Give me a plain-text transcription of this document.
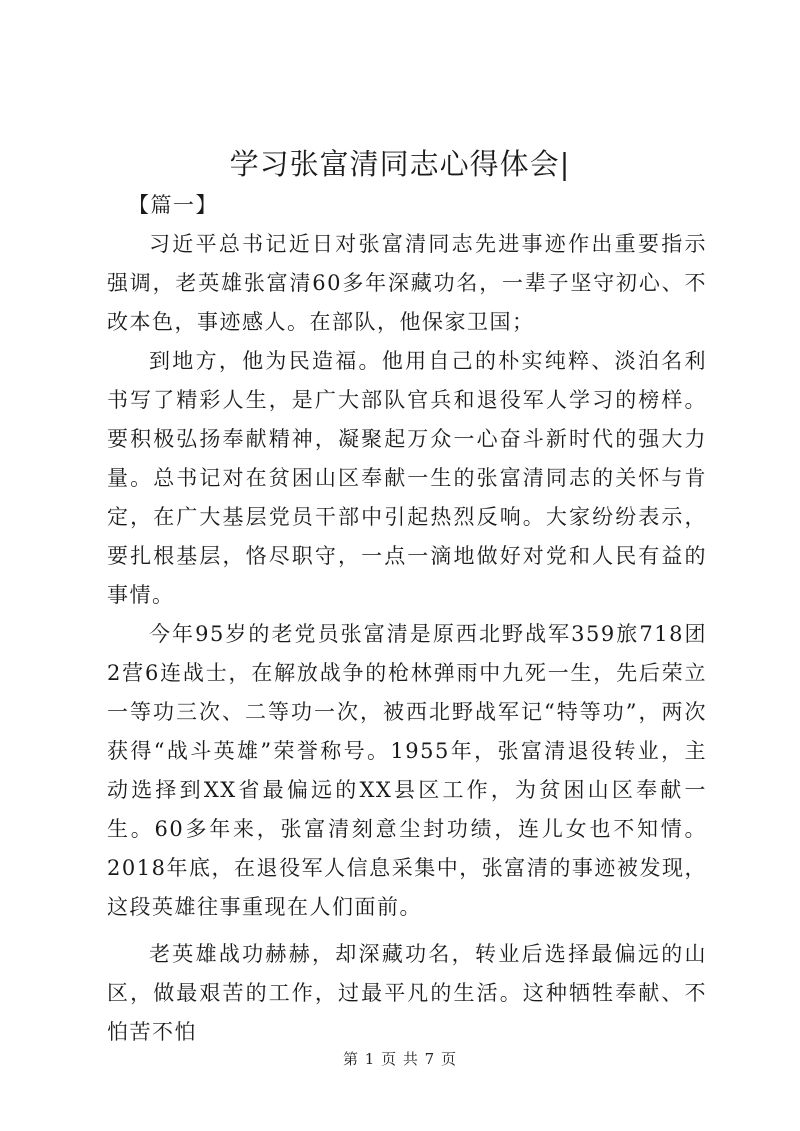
学习张富清同志心得体会|

【篇一】

习近平总书记近日对张富清同志先进事迹作出重要指示强调，老英雄张富清60多年深藏功名，一辈子坚守初心、不改本色，事迹感人。在部队，他保家卫国；

到地方，他为民造福。他用自己的朴实纯粹、淡泊名利书写了精彩人生，是广大部队官兵和退役军人学习的榜样。要积极弘扬奉献精神，凝聚起万众一心奋斗新时代的强大力量。总书记对在贫困山区奉献一生的张富清同志的关怀与肯定，在广大基层党员干部中引起热烈反响。大家纷纷表示，要扎根基层，恪尽职守，一点一滴地做好对党和人民有益的事情。

今年95岁的老党员张富清是原西北野战军359旅718团2营6连战士，在解放战争的枪林弹雨中九死一生，先后荣立一等功三次、二等功一次，被西北野战军记“特等功”，两次获得“战斗英雄”荣誉称号。1955年，张富清退役转业，主动选择到XX省最偏远的XX县区工作，为贫困山区奉献一生。60多年来，张富清刻意尘封功绩，连儿女也不知情。2018年底，在退役军人信息采集中，张富清的事迹被发现，这段英雄往事重现在人们面前。

老英雄战功赫赫，却深藏功名，转业后选择最偏远的山区，做最艰苦的工作，过最平凡的生活。这种牺牲奉献、不怕苦不怕

第 1 页 共 7 页
